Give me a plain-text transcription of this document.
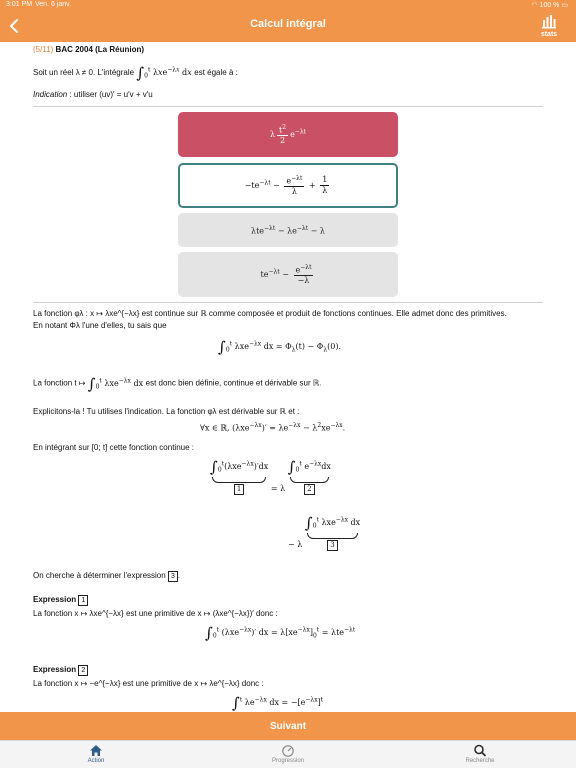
3:01 PM Ven. 6 janv.	◠ 100 % ▭
Calcul intégral
stats
(5/11) BAC 2004 (La Réunion)
Soit un réel λ ≠ 0. L'intégrale $\int_0^t$ λxe$^{-\lambda x}$ dx est égale à :
Indication : utiliser (uv)′ = u′v + v′u
λ $\frac{t^2}{2} e^{-\lambda t}$
$-te^{-\lambda t} - \frac{e^{-\lambda t}}{\lambda} + \frac{1}{\lambda}$
$\lambda te^{-\lambda t} - \lambda e^{-\lambda t} - \lambda$
$te^{-\lambda t} - \frac{e^{-\lambda t}}{-\lambda}$
La fonction φλ : x ↦ λxe^{−λx} est continue sur ℝ comme composée et produit de fonctions continues. Elle admet donc des primitives.
En notant Φλ l'une d'elles, tu sais que
$\int_0^t$ λxe$^{-\lambda x}$ dx = $\Phi_\lambda(t) - \Phi_\lambda(0)$.
La fonction t ↦ $\int_0^t$ λxe$^{-\lambda x}$ dx est donc bien définie, continue et dérivable sur ℝ.
Explicitons-la ! Tu utilises l'indication. La fonction φλ est dérivable sur ℝ et :
∀x ∈ ℝ, $(\lambda xe^{-\lambda x})' = \lambda e^{-\lambda x} - \lambda^2xe^{-\lambda x}$.
En intégrant sur [0; t] cette fonction continue :
$\int_0^t(\lambda xe^{-\lambda x})'dx$
1	= λ $\int_0^t$ $e^{-\lambda x}dx$
2
− λ $\int_0^t$ λxe$^{-\lambda x}$ dx
3
On cherche à déterminer l'expression 3 .
Expression 1
La fonction x ↦ λxe^{−λx} est une primitive de x ↦ (λxe^{−λx})′ donc :
$\int_0^t$ (λxe$^{-\lambda x}$)′ dx = $\lambda[xe^{-\lambda x}]_0^t = \lambda te^{-\lambda t}$
Expression 2
La fonction x ↦ −e^{−λx} est une primitive de x ↦ λe^{−λx} donc :
∫$^t$ $\lambda e^{-\lambda x}$ dx = $-[e^{-\lambda x}]^t$
Suivant
Action	Progression	Recherche
